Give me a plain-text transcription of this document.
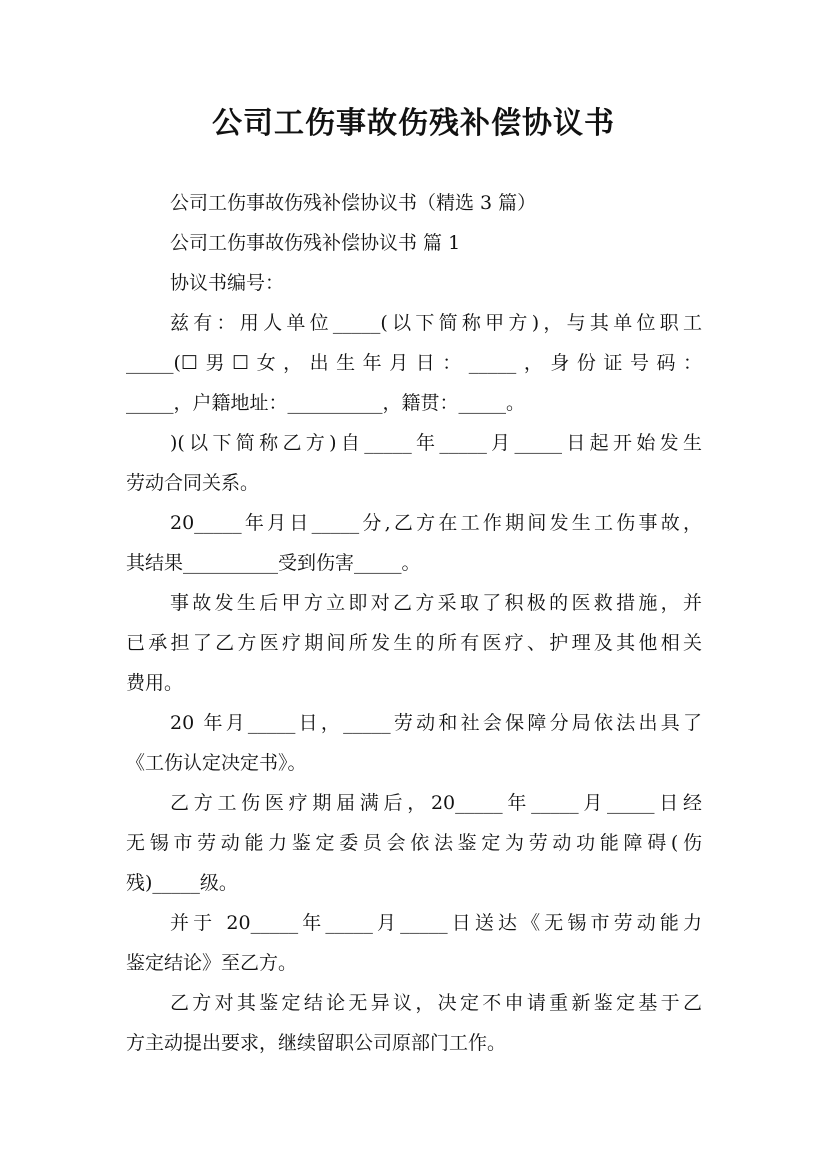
公司工伤事故伤残补偿协议书
公司工伤事故伤残补偿协议书（精选 3 篇）
公司工伤事故伤残补偿协议书 篇 1
协议书编号：
兹有：用人单位_____(以下简称甲方)，与其单位职工
_____(☐男☐女，出生年月日：_____，身份证号码：
_____，户籍地址：__________，籍贯：_____。
)(以下简称乙方)自_____年_____月_____日起开始发生
劳动合同关系。
20_____年月日_____分,乙方在工作期间发生工伤事故，
其结果__________受到伤害_____。
事故发生后甲方立即对乙方采取了积极的医救措施，并
已承担了乙方医疗期间所发生的所有医疗、护理及其他相关
费用。
20 年月_____日，_____劳动和社会保障分局依法出具了
《工伤认定决定书》。
乙方工伤医疗期届满后，20_____年_____月_____日经
无锡市劳动能力鉴定委员会依法鉴定为劳动功能障碍(伤
残)_____级。
并于 20_____年_____月_____日送达《无锡市劳动能力
鉴定结论》至乙方。
乙方对其鉴定结论无异议，决定不申请重新鉴定基于乙
方主动提出要求，继续留职公司原部门工作。
